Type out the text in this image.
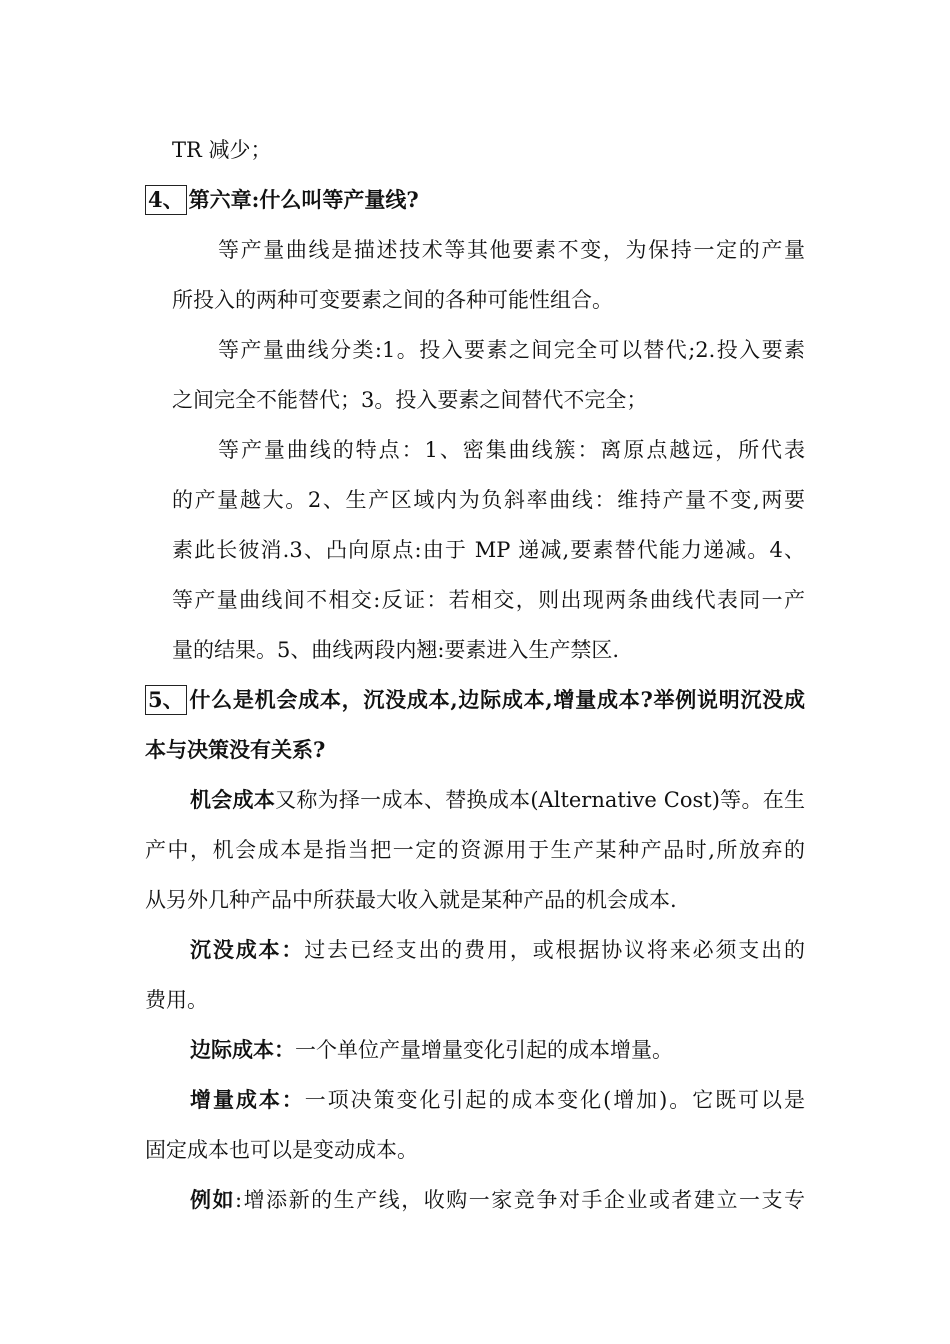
TR 减少；
4、 第六章:什么叫等产量线?
等产量曲线是描述技术等其他要素不变，为保持一定的产量
所投入的两种可变要素之间的各种可能性组合。
等产量曲线分类:1。投入要素之间完全可以替代;2.投入要素
之间完全不能替代；3。投入要素之间替代不完全；
等产量曲线的特点：1、密集曲线簇：离原点越远，所代表
的产量越大。2、生产区域内为负斜率曲线：维持产量不变,两要
素此长彼消.3、凸向原点:由于 MP 递减,要素替代能力递减。4、
等产量曲线间不相交:反证：若相交，则出现两条曲线代表同一产
量的结果。5、曲线两段内翘:要素进入生产禁区.
5、 什么是机会成本，沉没成本,边际成本,增量成本?举例说明沉没成
本与决策没有关系?
机会成本又称为择一成本、替换成本(Alternative Cost)等。在生
产中，机会成本是指当把一定的资源用于生产某种产品时,所放弃的
从另外几种产品中所获最大收入就是某种产品的机会成本.
沉没成本：过去已经支出的费用，或根据协议将来必须支出的
费用。
边际成本：一个单位产量增量变化引起的成本增量。
增量成本：一项决策变化引起的成本变化(增加)。它既可以是
固定成本也可以是变动成本。
例如:增添新的生产线，收购一家竞争对手企业或者建立一支专
